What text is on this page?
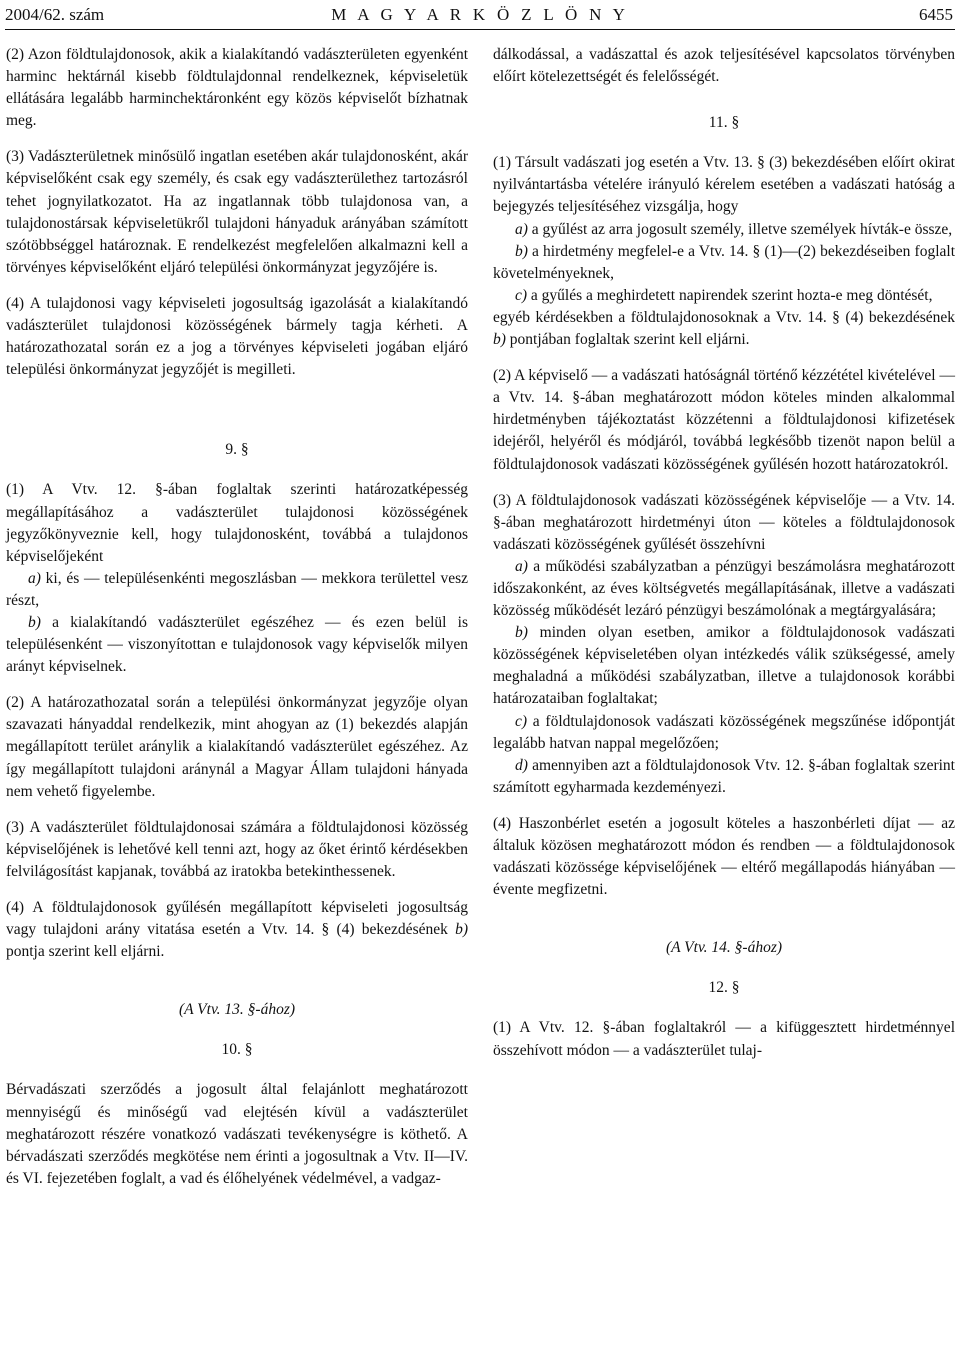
2004/62. szám	M A G Y A R K Ö Z L Ö N Y	6455

(2) Azon földtulajdonosok, akik a kialakítandó vadászterületen egyenként harminc hektárnál kisebb földtulajdonnal rendelkeznek, képviseletük ellátására legalább harminchektáronként egy közös képviselőt bízhatnak meg.

(3) Vadászterületnek minősülő ingatlan esetében akár tulajdonosként, akár képviselőként csak egy személy, és csak egy vadászterülethez tartozásról tehet jognyilatkozatot. Ha az ingatlannak több tulajdonosa van, a tulajdonostársak képviseletükről tulajdoni hányaduk arányában számított szótöbbséggel határoznak. E rendelkezést megfelelően alkalmazni kell a törvényes képviselőként eljáró települési önkormányzat jegyzőjére is.

(4) A tulajdonosi vagy képviseleti jogosultság igazolását a kialakítandó vadászterület tulajdonosi közösségének bármely tagja kérheti. A határozathozatal során ez a jog a törvényes képviseleti jogában eljáró települési önkormányzat jegyzőjét is megilleti.

9. §

(1) A Vtv. 12. §-ában foglaltak szerinti határozatképesség megállapításához a vadászterület tulajdonosi közösségének jegyzőkönyveznie kell, hogy tulajdonosként, továbbá a tulajdonos képviselőjeként

a) ki, és — településenkénti megoszlásban — mekkora területtel vesz részt,

b) a kialakítandó vadászterület egészéhez — és ezen belül is településenként — viszonyítottan e tulajdonosok vagy képviselők milyen arányt képviselnek.

(2) A határozathozatal során a települési önkormányzat jegyzője olyan szavazati hányaddal rendelkezik, mint ahogyan az (1) bekezdés alapján megállapított terület aránylik a kialakítandó vadászterület egészéhez. Az így megállapított tulajdoni aránynál a Magyar Állam tulajdoni hányada nem vehető figyelembe.

(3) A vadászterület földtulajdonosai számára a földtulajdonosi közösség képviselőjének is lehetővé kell tenni azt, hogy az őket érintő kérdésekben felvilágosítást kapjanak, továbbá az iratokba betekinthessenek.

(4) A földtulajdonosok gyűlésén megállapított képviseleti jogosultság vagy tulajdoni arány vitatása esetén a Vtv. 14. § (4) bekezdésének b) pontja szerint kell eljárni.

(A Vtv. 13. §-ához)

10. §

Bérvadászati szerződés a jogosult által felajánlott meghatározott mennyiségű és minőségű vad elejtésén kívül a vadászterület meghatározott részére vonatkozó vadászati tevékenységre is köthető. A bérvadászati szerződés megkötése nem érinti a jogosultnak a Vtv. II—IV. és VI. fejezetében foglalt, a vad és élőhelyének védelmével, a vadgaz-

dálkodással, a vadászattal és azok teljesítésével kapcsolatos törvényben előírt kötelezettségét és felelősségét.

11. §

(1) Társult vadászati jog esetén a Vtv. 13. § (3) bekezdésében előírt okirat nyilvántartásba vételére irányuló kérelem esetében a vadászati hatóság a bejegyzés teljesítéséhez vizsgálja, hogy

a) a gyűlést az arra jogosult személy, illetve személyek hívták-e össze,

b) a hirdetmény megfelel-e a Vtv. 14. § (1)—(2) bekezdéseiben foglalt követelményeknek,

c) a gyűlés a meghirdetett napirendek szerint hozta-e meg döntését,

egyéb kérdésekben a földtulajdonosoknak a Vtv. 14. § (4) bekezdésének b) pontjában foglaltak szerint kell eljárni.

(2) A képviselő — a vadászati hatóságnál történő kézzététel kivételével — a Vtv. 14. §-ában meghatározott módon köteles minden alkalommal hirdetményben tájékoztatást közzétenni a földtulajdonosi kifizetések idejéről, helyéről és módjáról, továbbá legkésőbb tizenöt napon belül a földtulajdonosok vadászati közösségének gyűlésén hozott határozatokról.

(3) A földtulajdonosok vadászati közösségének képviselője — a Vtv. 14. §-ában meghatározott hirdetményi úton — köteles a földtulajdonosok vadászati közösségének gyűlését összehívni

a) a működési szabályzatban a pénzügyi beszámolásra meghatározott időszakonként, az éves költségvetés megállapításának, illetve a vadászati közösség működését lezáró pénzügyi beszámolónak a megtárgyalására;

b) minden olyan esetben, amikor a földtulajdonosok vadászati közösségének képviseletében olyan intézkedés válik szükségessé, amely meghaladná a működési szabályzatban, illetve a tulajdonosok korábbi határozataiban foglaltakat;

c) a földtulajdonosok vadászati közösségének megszűnése időpontját legalább hatvan nappal megelőzően;

d) amennyiben azt a földtulajdonosok Vtv. 12. §-ában foglaltak szerint számított egyharmada kezdeményezi.

(4) Haszonbérlet esetén a jogosult köteles a haszonbérleti díjat — az általuk közösen meghatározott módon és rendben — a földtulajdonosok vadászati közössége képviselőjének — eltérő megállapodás hiányában — évente megfizetni.

(A Vtv. 14. §-ához)

12. §

(1) A Vtv. 12. §-ában foglaltakról — a kifüggesztett hirdetménnyel összehívott módon — a vadászterület tulaj-
